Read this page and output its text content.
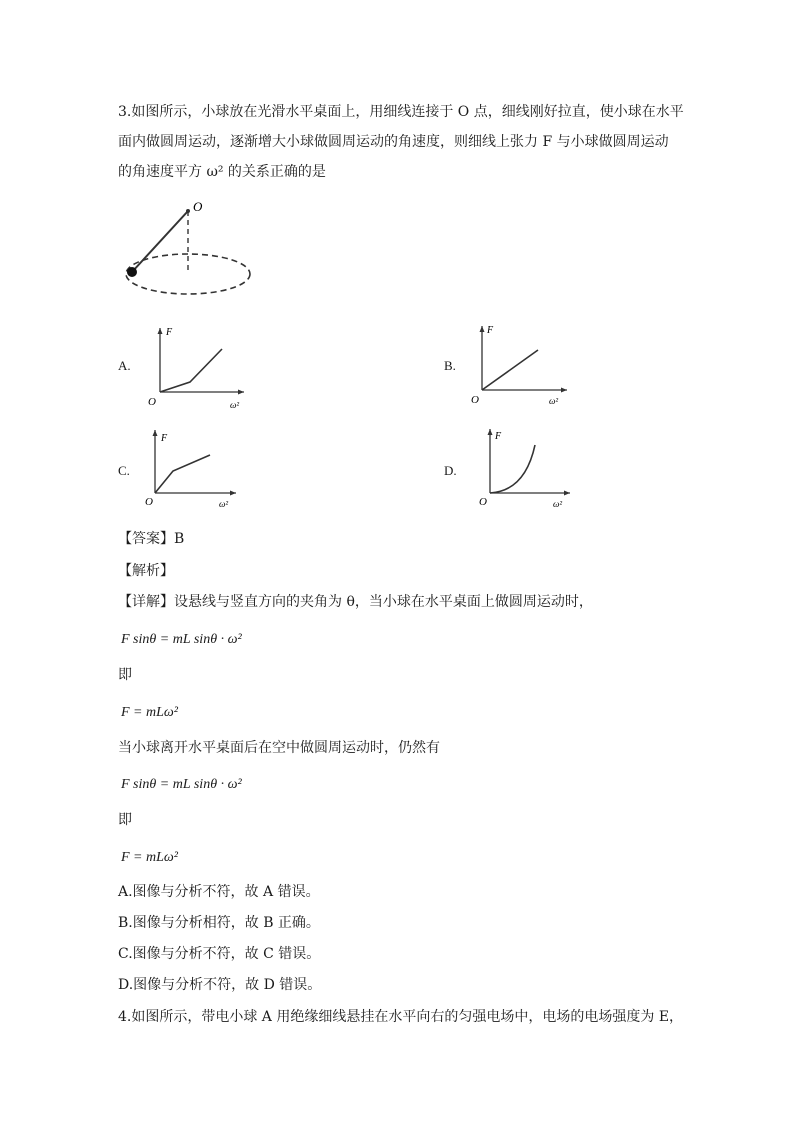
3.如图所示，小球放在光滑水平桌面上，用细线连接于 O 点，细线刚好拉直，使小球在水平
面内做圆周运动，逐渐增大小球做圆周运动的角速度，则细线上张力 F 与小球做圆周运动
的角速度平方 ω² 的关系正确的是
O
A.
F
O	ω²
B.
F
O	ω²
C.
F
O	ω²
D.
F
O	ω²
【答案】B
【解析】
【详解】设悬线与竖直方向的夹角为 θ，当小球在水平桌面上做圆周运动时，
F sinθ = mL sinθ · ω²
即
F = mLω²
当小球离开水平桌面后在空中做圆周运动时，仍然有
F sinθ = mL sinθ · ω²
即
F = mLω²
A.图像与分析不符，故 A 错误。
B.图像与分析相符，故 B 正确。
C.图像与分析不符，故 C 错误。
D.图像与分析不符，故 D 错误。
4.如图所示，带电小球 A 用绝缘细线悬挂在水平向右的匀强电场中，电场的电场强度为 E，
